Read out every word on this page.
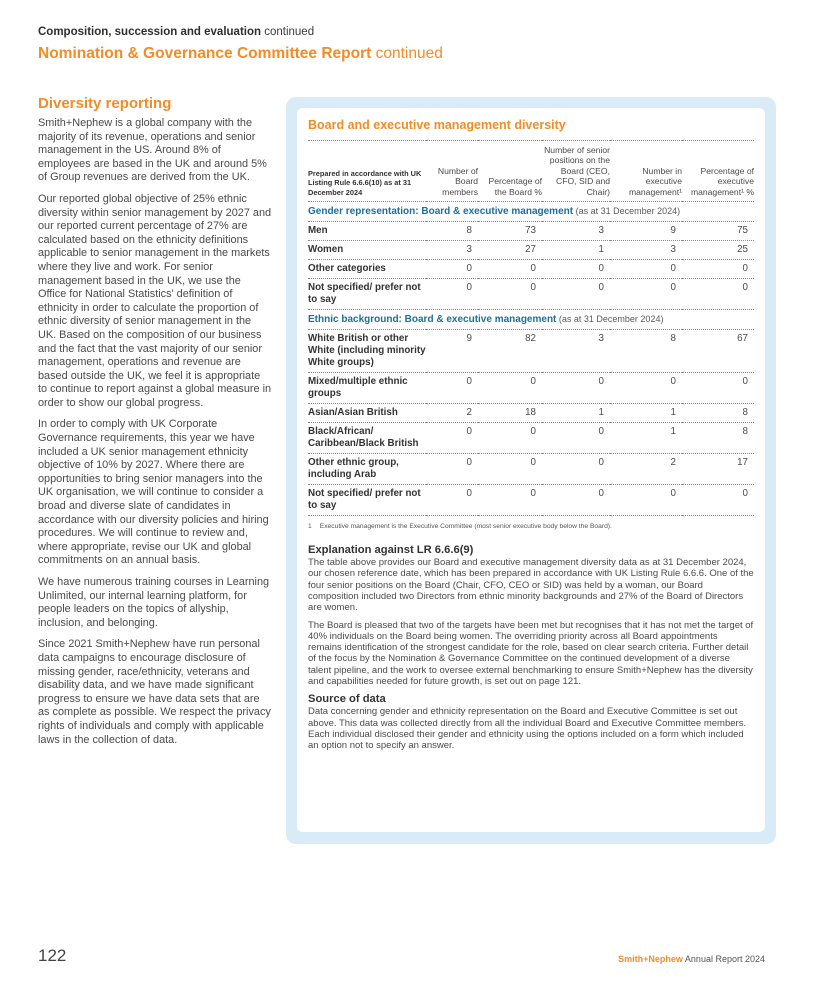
Composition, succession and evaluation continued
Nomination & Governance Committee Report continued
Diversity reporting

Smith+Nephew is a global company with the majority of its revenue, operations and senior management in the US. Around 8% of employees are based in the UK and around 5% of Group revenues are derived from the UK.

Our reported global objective of 25% ethnic diversity within senior management by 2027 and our reported current percentage of 27% are calculated based on the ethnicity definitions applicable to senior management in the markets where they live and work. For senior management based in the UK, we use the Office for National Statistics' definition of ethnicity in order to calculate the proportion of ethnic diversity of senior management in the UK. Based on the composition of our business and the fact that the vast majority of our senior management, operations and revenue are based outside the UK, we feel it is appropriate to continue to report against a global measure in order to show our global progress.

In order to comply with UK Corporate Governance requirements, this year we have included a UK senior management ethnicity objective of 10% by 2027. Where there are opportunities to bring senior managers into the UK organisation, we will continue to consider a broad and diverse slate of candidates in accordance with our diversity policies and hiring procedures. We will continue to review and, where appropriate, revise our UK and global commitments on an annual basis.

We have numerous training courses in Learning Unlimited, our internal learning platform, for people leaders on the topics of allyship, inclusion, and belonging.

Since 2021 Smith+Nephew have run personal data campaigns to encourage disclosure of missing gender, race/ethnicity, veterans and disability data, and we have made significant progress to ensure we have data sets that are as complete as possible. We respect the privacy rights of individuals and comply with applicable laws in the collection of data.

Board and executive management diversity
Prepared in accordance with UK Listing Rule 6.6.6(10) as at 31 December 2024	Number of Board members	Percentage of the Board %	Number of senior positions on the Board (CEO, CFO, SID and Chair)	Number in executive management¹	Percentage of executive management¹ %
Gender representation: Board & executive management (as at 31 December 2024)					
Men	8	73	3	9	75
Women	3	27	1	3	25
Other categories	0	0	0	0	0
Not specified/ prefer not to say	0	0	0	0	0
Ethnic background: Board & executive management (as at 31 December 2024)					
White British or other White (including minority White groups)	9	82	3	8	67
Mixed/multiple ethnic groups	0	0	0	0	0
Asian/Asian British	2	18	1	1	8
Black/African/ Caribbean/Black British	0	0	0	1	8
Other ethnic group, including Arab	0	0	0	2	17
Not specified/ prefer not to say	0	0	0	0	0
1 Executive management is the Executive Committee (most senior executive body below the Board).
Explanation against LR 6.6.6(9)

The table above provides our Board and executive management diversity data as at 31 December 2024, our chosen reference date, which has been prepared in accordance with UK Listing Rule 6.6.6. One of the four senior positions on the Board (Chair, CFO, CEO or SID) was held by a woman, our Board composition included two Directors from ethnic minority backgrounds and 27% of the Board of Directors are women.

The Board is pleased that two of the targets have been met but recognises that it has not met the target of 40% individuals on the Board being women. The overriding priority across all Board appointments remains identification of the strongest candidate for the role, based on clear search criteria. Further detail of the focus by the Nomination & Governance Committee on the continued development of a diverse talent pipeline, and the work to oversee external benchmarking to ensure Smith+Nephew has the diversity and capabilities needed for future growth, is set out on page 121.

Source of data

Data concerning gender and ethnicity representation on the Board and Executive Committee is set out above. This data was collected directly from all the individual Board and Executive Committee members. Each individual disclosed their gender and ethnicity using the options included on a form which included an option not to specify an answer.

122	Smith+Nephew Annual Report 2024
